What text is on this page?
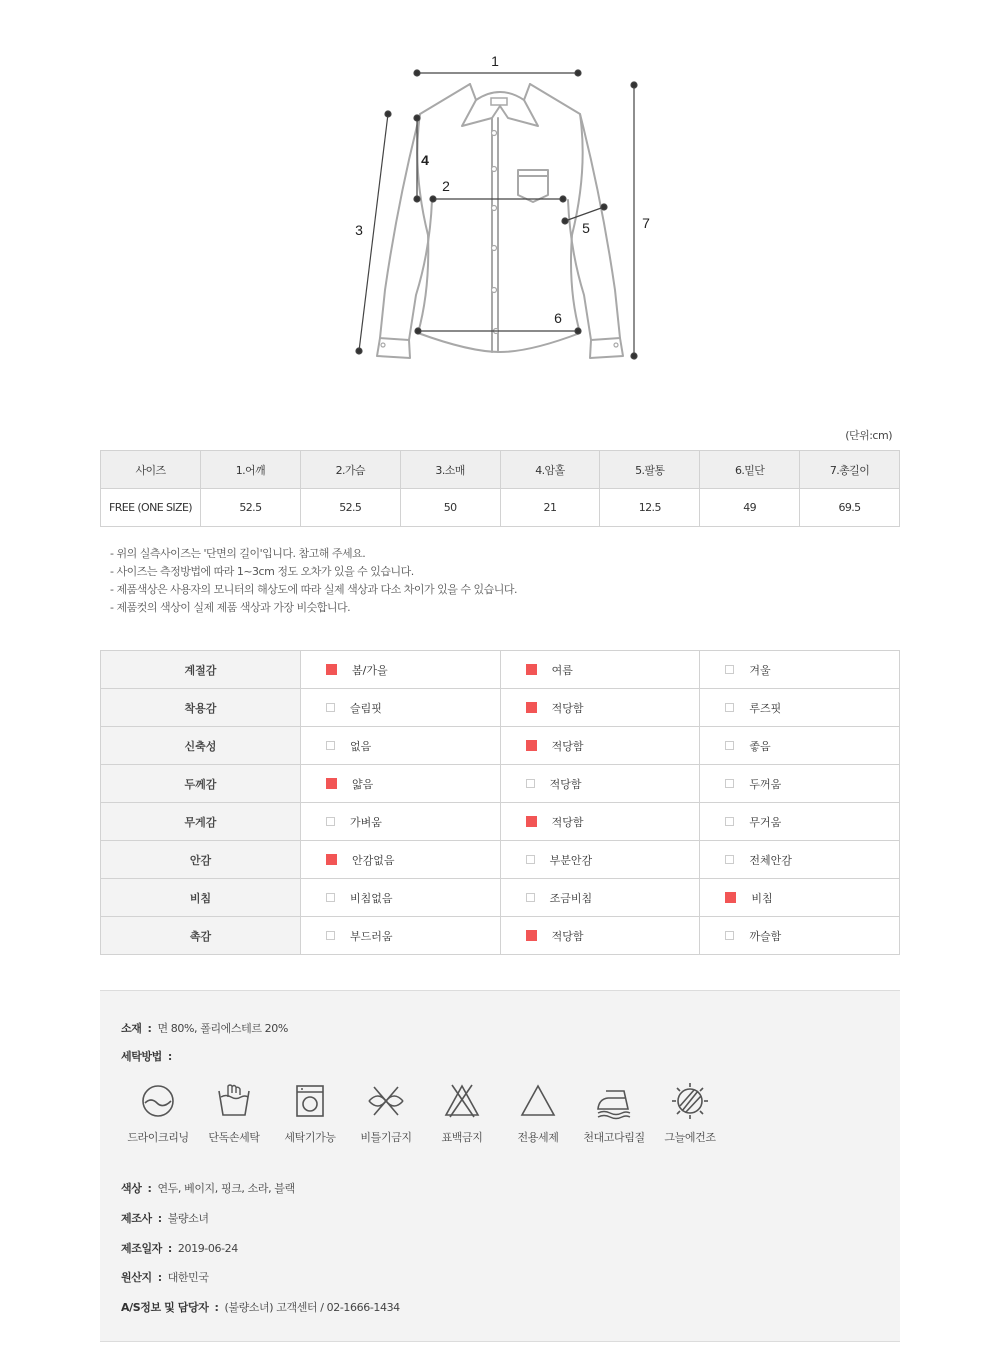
1
2
3
4
5
6
7
(단위:cm)
사이즈	1.어깨	2.가슴	3.소매	4.암홀	5.팔통	6.밑단	7.총길이
FREE (ONE SIZE)	52.5	52.5	50	21	12.5	49	69.5
- 위의 실측사이즈는 '단면의 길이'입니다. 참고해 주세요.
- 사이즈는 측정방법에 따라 1~3cm 정도 오차가 있을 수 있습니다.
- 제품색상은 사용자의 모니터의 해상도에 따라 실제 색상과 다소 차이가 있을 수 있습니다.
- 제품컷의 색상이 실제 제품 색상과 가장 비슷합니다.
계절감	봄/가을	여름	겨울
착용감	슬림핏	적당함	루즈핏
신축성	없음	적당함	좋음
두께감	얇음	적당함	두꺼움
무게감	가벼움	적당함	무거움
안감	안감없음	부분안감	전체안감
비침	비침없음	조금비침	비침
촉감	부드러움	적당함	까슬함
소재 : 면 80%, 폴리에스테르 20%
세탁방법 :
드라이크리닝	단독손세탁	세탁기가능	비틀기금지	표백금지	전용세제	천대고다림질	그늘에건조
색상 : 연두, 베이지, 핑크, 소라, 블랙
제조사 : 불량소녀
제조일자 : 2019-06-24
원산지 : 대한민국
A/S정보 및 담당자 : (불량소녀) 고객센터 / 02-1666-1434
